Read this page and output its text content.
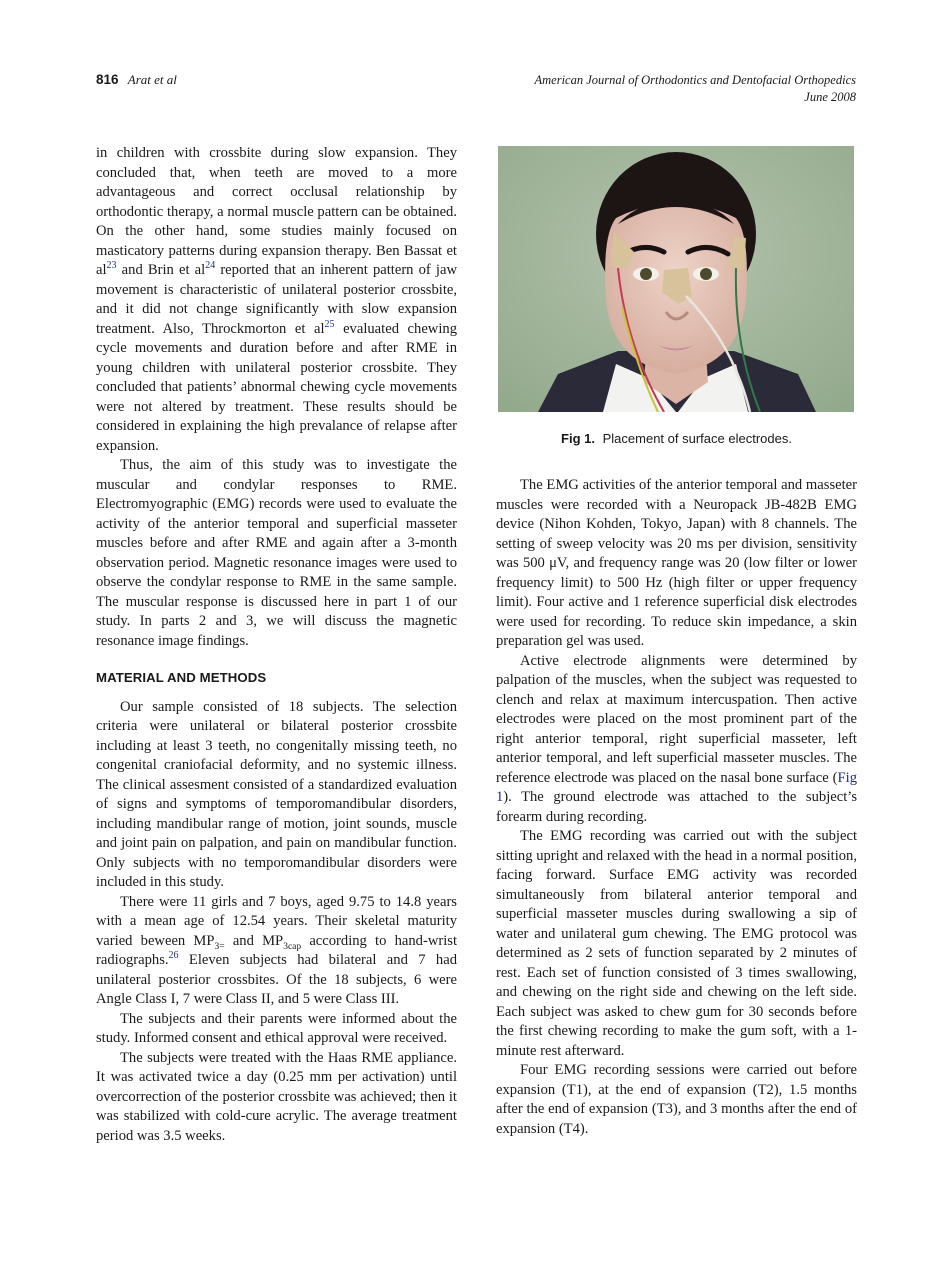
816 Arat et al	American Journal of Orthodontics and Dentofacial Orthopedics
June 2008

in children with crossbite during slow expansion. They concluded that, when teeth are moved to a more advantageous and correct occlusal relationship by orthodontic therapy, a normal muscle pattern can be obtained. On the other hand, some studies mainly focused on masticatory patterns during expansion therapy. Ben Bassat et al$^{23}$ and Brin et al$^{24}$ reported that an inherent pattern of jaw movement is characteristic of unilateral posterior crossbite, and it did not change significantly with slow expansion treatment. Also, Throckmorton et al$^{25}$ evaluated chewing cycle movements and duration before and after RME in young children with unilateral posterior crossbite. They concluded that patients’ abnormal chewing cycle movements were not altered by treatment. These results should be considered in explaining the high prevalance of relapse after expansion.

Thus, the aim of this study was to investigate the muscular and condylar responses to RME. Electromyographic (EMG) records were used to evaluate the activity of the anterior temporal and superficial masseter muscles before and after RME and again after a 3-month observation period. Magnetic resonance images were used to observe the condylar response to RME in the same sample. The muscular response is discussed here in part 1 of our study. In parts 2 and 3, we will discuss the magnetic resonance image findings.

MATERIAL AND METHODS

Our sample consisted of 18 subjects. The selection criteria were unilateral or bilateral posterior crossbite including at least 3 teeth, no congenitally missing teeth, no congenital craniofacial deformity, and no systemic illness. The clinical assesment consisted of a standardized evaluation of signs and symptoms of temporomandibular disorders, including mandibular range of motion, joint sounds, muscle and joint pain on palpation, and pain on mandibular function. Only subjects with no temporomandibular disorders were included in this study.

There were 11 girls and 7 boys, aged 9.75 to 14.8 years with a mean age of 12.54 years. Their skeletal maturity varied beween $MP_{3=}$ and $MP_{3cap}$ according to hand-wrist radiographs.$^{26}$ Eleven subjects had bilateral and 7 had unilateral posterior crossbites. Of the 18 subjects, 6 were Angle Class I, 7 were Class II, and 5 were Class III.

The subjects and their parents were informed about the study. Informed consent and ethical approval were received.

The subjects were treated with the Haas RME appliance. It was activated twice a day (0.25 mm per activation) until overcorrection of the posterior crossbite was achieved; then it was stabilized with cold-cure acrylic. The average treatment period was 3.5 weeks.

Fig 1. Placement of surface electrodes.

The EMG activities of the anterior temporal and masseter muscles were recorded with a Neuropack JB-482B EMG device (Nihon Kohden, Tokyo, Japan) with 8 channels. The setting of sweep velocity was 20 ms per division, sensitivity was 500 μV, and frequency range was 20 (low filter or lower frequency limit) to 500 Hz (high filter or upper frequency limit). Four active and 1 reference superficial disk electrodes were used for recording. To reduce skin impedance, a skin preparation gel was used.

Active electrode alignments were determined by palpation of the muscles, when the subject was requested to clench and relax at maximum intercuspation. Then active electrodes were placed on the most prominent part of the right anterior temporal, right superficial masseter, left anterior temporal, and left superficial masseter muscles. The reference electrode was placed on the nasal bone surface (Fig 1). The ground electrode was attached to the subject’s forearm during recording.

The EMG recording was carried out with the subject sitting upright and relaxed with the head in a normal position, facing forward. Surface EMG activity was recorded simultaneously from bilateral anterior temporal and superficial masseter muscles during swallowing a sip of water and unilateral gum chewing. The EMG protocol was determined as 2 sets of function separated by 2 minutes of rest. Each set of function consisted of 3 times swallowing, and chewing on the right side and chewing on the left side. Each subject was asked to chew gum for 30 seconds before the first chewing recording to make the gum soft, with a 1-minute rest afterward.

Four EMG recording sessions were carried out before expansion (T1), at the end of expansion (T2), 1.5 months after the end of expansion (T3), and 3 months after the end of expansion (T4).
